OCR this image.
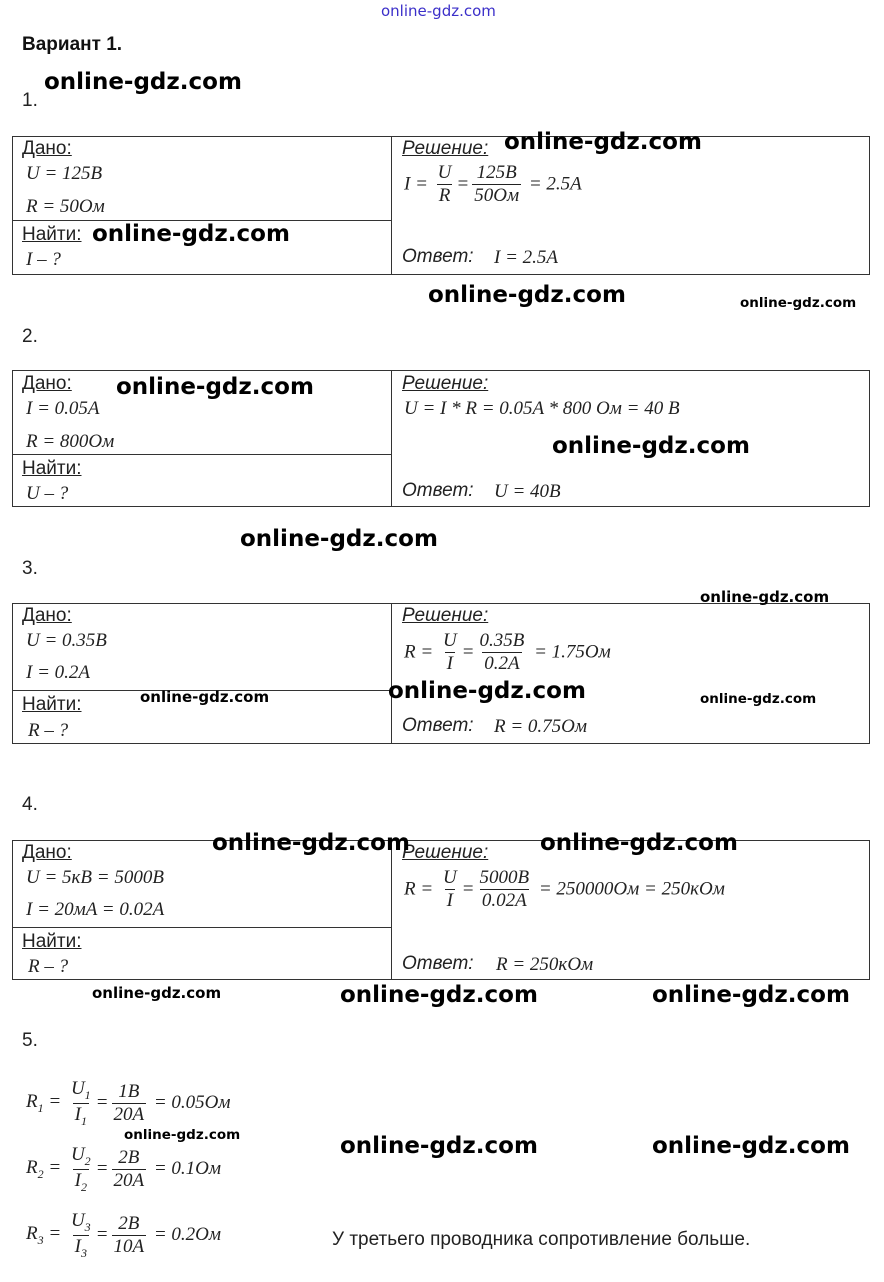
online-gdz.com
Вариант 1.
1.
Дано:
U = 125B
R = 50Ом
Найти:
I – ?
Решение:
$I = \frac{U}{R} = \frac{125B}{50Ом} = 2.5A$
Ответ: I = 2.5A
2.
Дано:
I = 0.05A
R = 800Ом
Найти:
U – ?
Решение:
U = I * R = 0.05A * 800 Ом = 40 В
Ответ: U = 40B
3.
Дано:
U = 0.35B
I = 0.2A
Найти:
R – ?
Решение:
$R = \frac{U}{I} = \frac{0.35B}{0.2A} = 1.75Ом$
Ответ: R = 0.75Ом
4.
Дано:
U = 5кB = 5000B
I = 20мA = 0.02A
Найти:
R – ?
Решение:
$R = \frac{U}{I} = \frac{5000B}{0.02A} = 250000Ом = 250кОм$
Ответ: R = 250кОм
5.
$R_1 = \frac{U_1}{I_1} = \frac{1B}{20A} = 0.05Ом$
$R_2 = \frac{U_2}{I_2} = \frac{2B}{20A} = 0.1Ом$
$R_3 = \frac{U_3}{I_3} = \frac{2B}{10A} = 0.2Ом$	У третьего проводника сопротивление больше.
online-gdz.com
online-gdz.com
online-gdz.com
online-gdz.com	online-gdz.com
online-gdz.com
online-gdz.com
online-gdz.com
online-gdz.com
online-gdz.com	online-gdz.com	online-gdz.com
online-gdz.com	online-gdz.com
online-gdz.com	online-gdz.com	online-gdz.com
online-gdz.com	online-gdz.com	online-gdz.com
